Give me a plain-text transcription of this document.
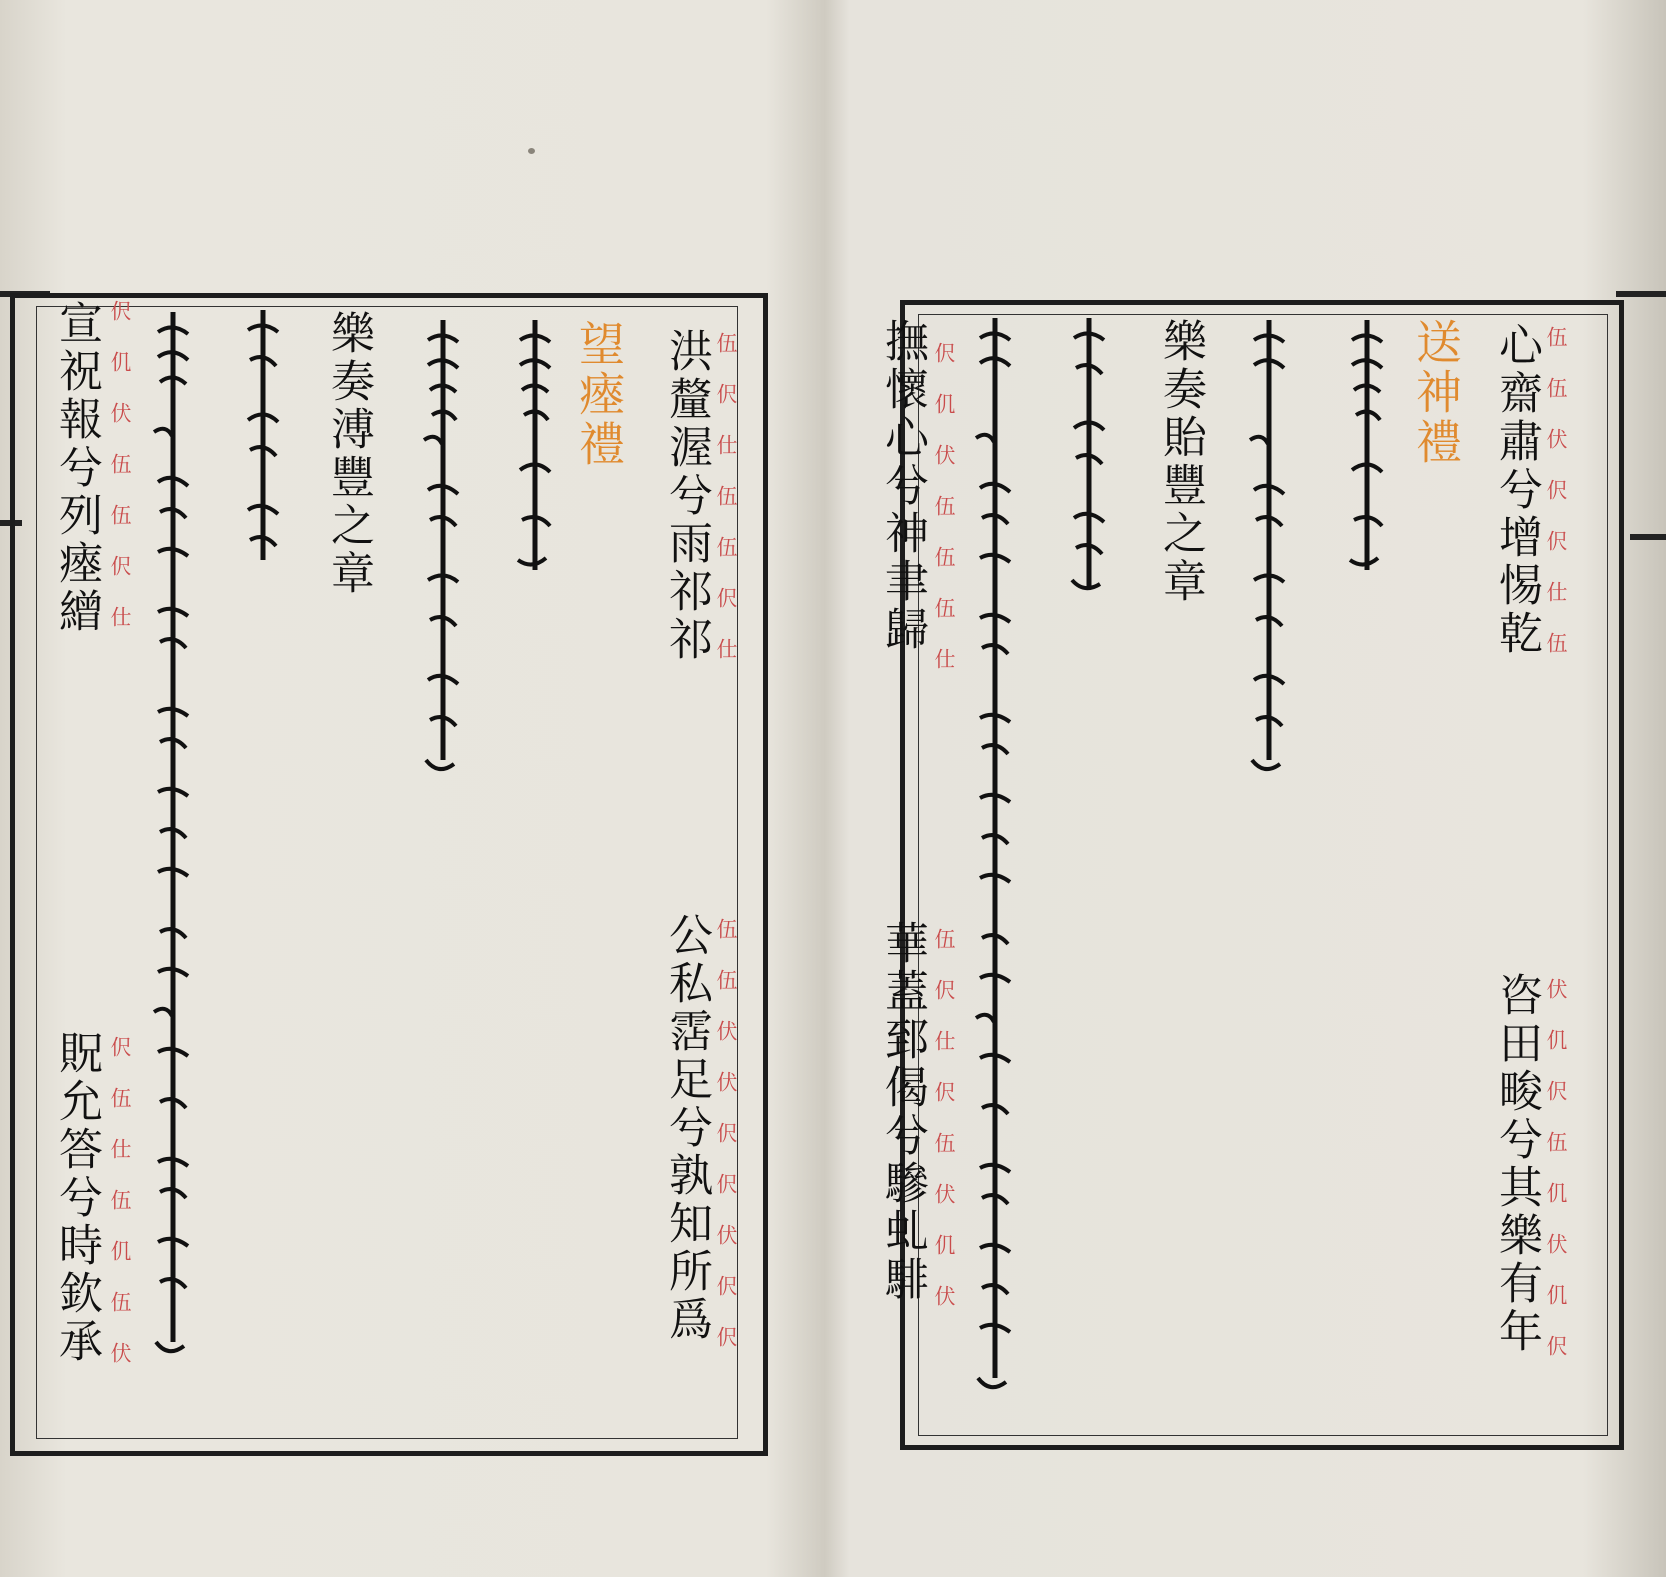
伍伬仕伍伍伬仕
洪釐渥兮雨祁祁
伍伍伏伏伬伬伏伬伬
公私霑足兮孰知所爲
望瘞禮
樂奏溥豐之章
伬仉伏伍伍伬仕
宣祝報兮列瘞繒
伬伍仕伍仉伍伏
貺允答兮時欽承
伍伍伏伬伬仕伍
心齋肅兮增惕乾
伏仉伬伍仉伏仉伬
咨田畯兮其樂有年
送神禮
樂奏貽豐之章
伬仉伏伍伍伍仕
撫懷心兮神聿歸
伍伬仕伬伍伏仉伏
華蓋郅偈兮驂虬騑
